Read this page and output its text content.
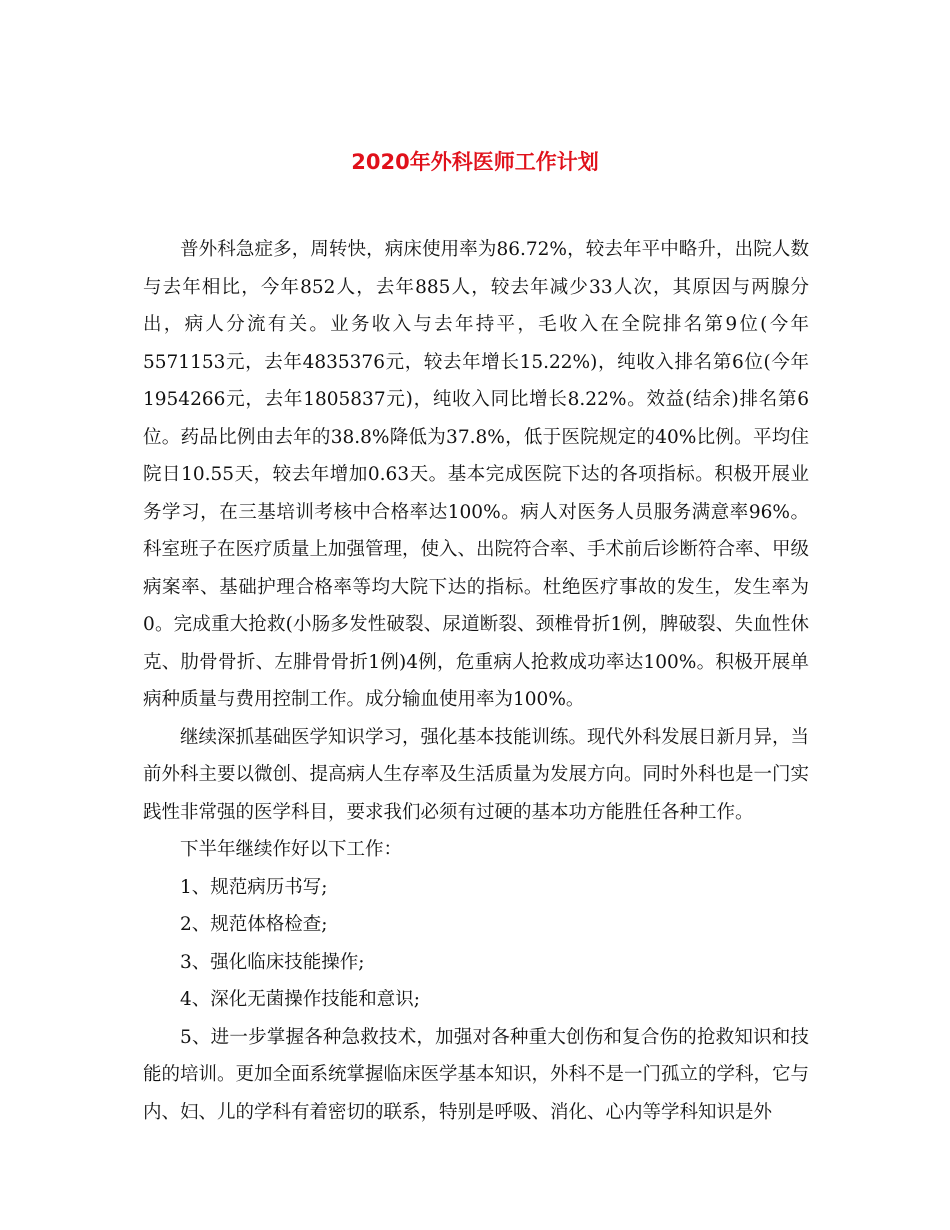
2020年外科医师工作计划

普外科急症多，周转快，病床使用率为86.72%，较去年平中略升，出院人数与去年相比，今年852人，去年885人，较去年减少33人次，其原因与两腺分出，病人分流有关。业务收入与去年持平，毛收入在全院排名第9位(今年5571153元，去年4835376元，较去年增长15.22%)，纯收入排名第6位(今年1954266元，去年1805837元)，纯收入同比增长8.22%。效益(结余)排名第6位。药品比例由去年的38.8%降低为37.8%，低于医院规定的40%比例。平均住院日10.55天，较去年增加0.63天。基本完成医院下达的各项指标。积极开展业务学习，在三基培训考核中合格率达100%。病人对医务人员服务满意率96%。科室班子在医疗质量上加强管理，使入、出院符合率、手术前后诊断符合率、甲级病案率、基础护理合格率等均大院下达的指标。杜绝医疗事故的发生，发生率为0。完成重大抢救(小肠多发性破裂、尿道断裂、颈椎骨折1例，脾破裂、失血性休克、肋骨骨折、左腓骨骨折1例)4例，危重病人抢救成功率达100%。积极开展单病种质量与费用控制工作。成分输血使用率为100%。

继续深抓基础医学知识学习，强化基本技能训练。现代外科发展日新月异，当前外科主要以微创、提高病人生存率及生活质量为发展方向。同时外科也是一门实践性非常强的医学科目，要求我们必须有过硬的基本功方能胜任各种工作。

下半年继续作好以下工作：

1、规范病历书写;

2、规范体格检查;

3、强化临床技能操作;

4、深化无菌操作技能和意识;

5、进一步掌握各种急救技术，加强对各种重大创伤和复合伤的抢救知识和技能的培训。更加全面系统掌握临床医学基本知识，外科不是一门孤立的学科，它与内、妇、儿的学科有着密切的联系，特别是呼吸、消化、心内等学科知识是外
